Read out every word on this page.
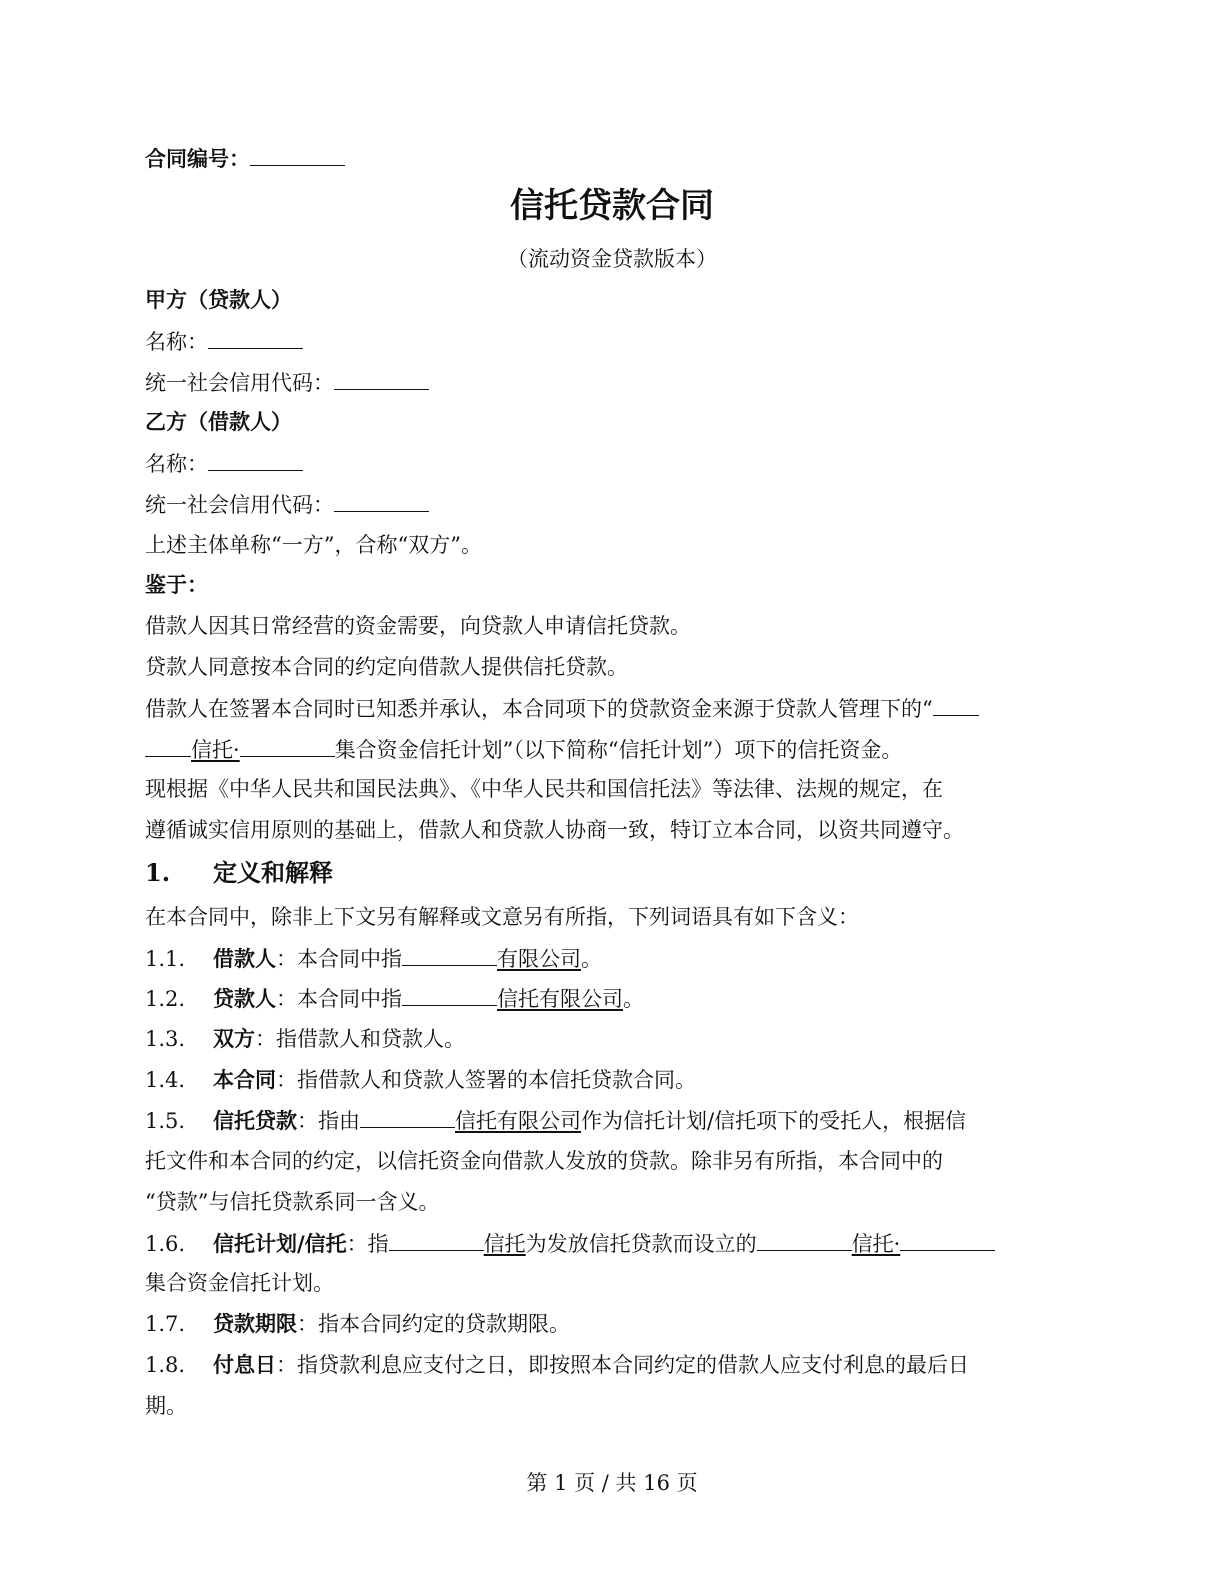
合同编号：

信托贷款合同

（流动资金贷款版本）

甲方（贷款人）

名称：

统一社会信用代码：

乙方（借款人）

名称：

统一社会信用代码：

上述主体单称“一方”，合称“双方”。

鉴于：

借款人因其日常经营的资金需要，向贷款人申请信托贷款。

贷款人同意按本合同的约定向借款人提供信托贷款。

借款人在签署本合同时已知悉并承认，本合同项下的贷款资金来源于贷款人管理下的“

信托·	集合资金信托计划”（以下简称“信托计划”）项下的信托资金。

现根据《中华人民共和国民法典》、《中华人民共和国信托法》等法律、法规的规定，在

遵循诚实信用原则的基础上，借款人和贷款人协商一致，特订立本合同，以资共同遵守。

1. 定义和解释

在本合同中，除非上下文另有解释或文意另有所指，下列词语具有如下含义：

1.1. 借款人：本合同中指	有限公司。

1.2. 贷款人：本合同中指	信托有限公司。

1.3. 双方：指借款人和贷款人。

1.4. 本合同：指借款人和贷款人签署的本信托贷款合同。

1.5. 信托贷款：指由	信托有限公司作为信托计划/信托项下的受托人，根据信

托文件和本合同的约定，以信托资金向借款人发放的贷款。除非另有所指，本合同中的

“贷款”与信托贷款系同一含义。

1.6. 信托计划/信托：指	信托为发放信托贷款而设立的	信托·

集合资金信托计划。

1.7. 贷款期限：指本合同约定的贷款期限。

1.8. 付息日：指贷款利息应支付之日，即按照本合同约定的借款人应支付利息的最后日

期。

第 1 页 / 共 16 页
